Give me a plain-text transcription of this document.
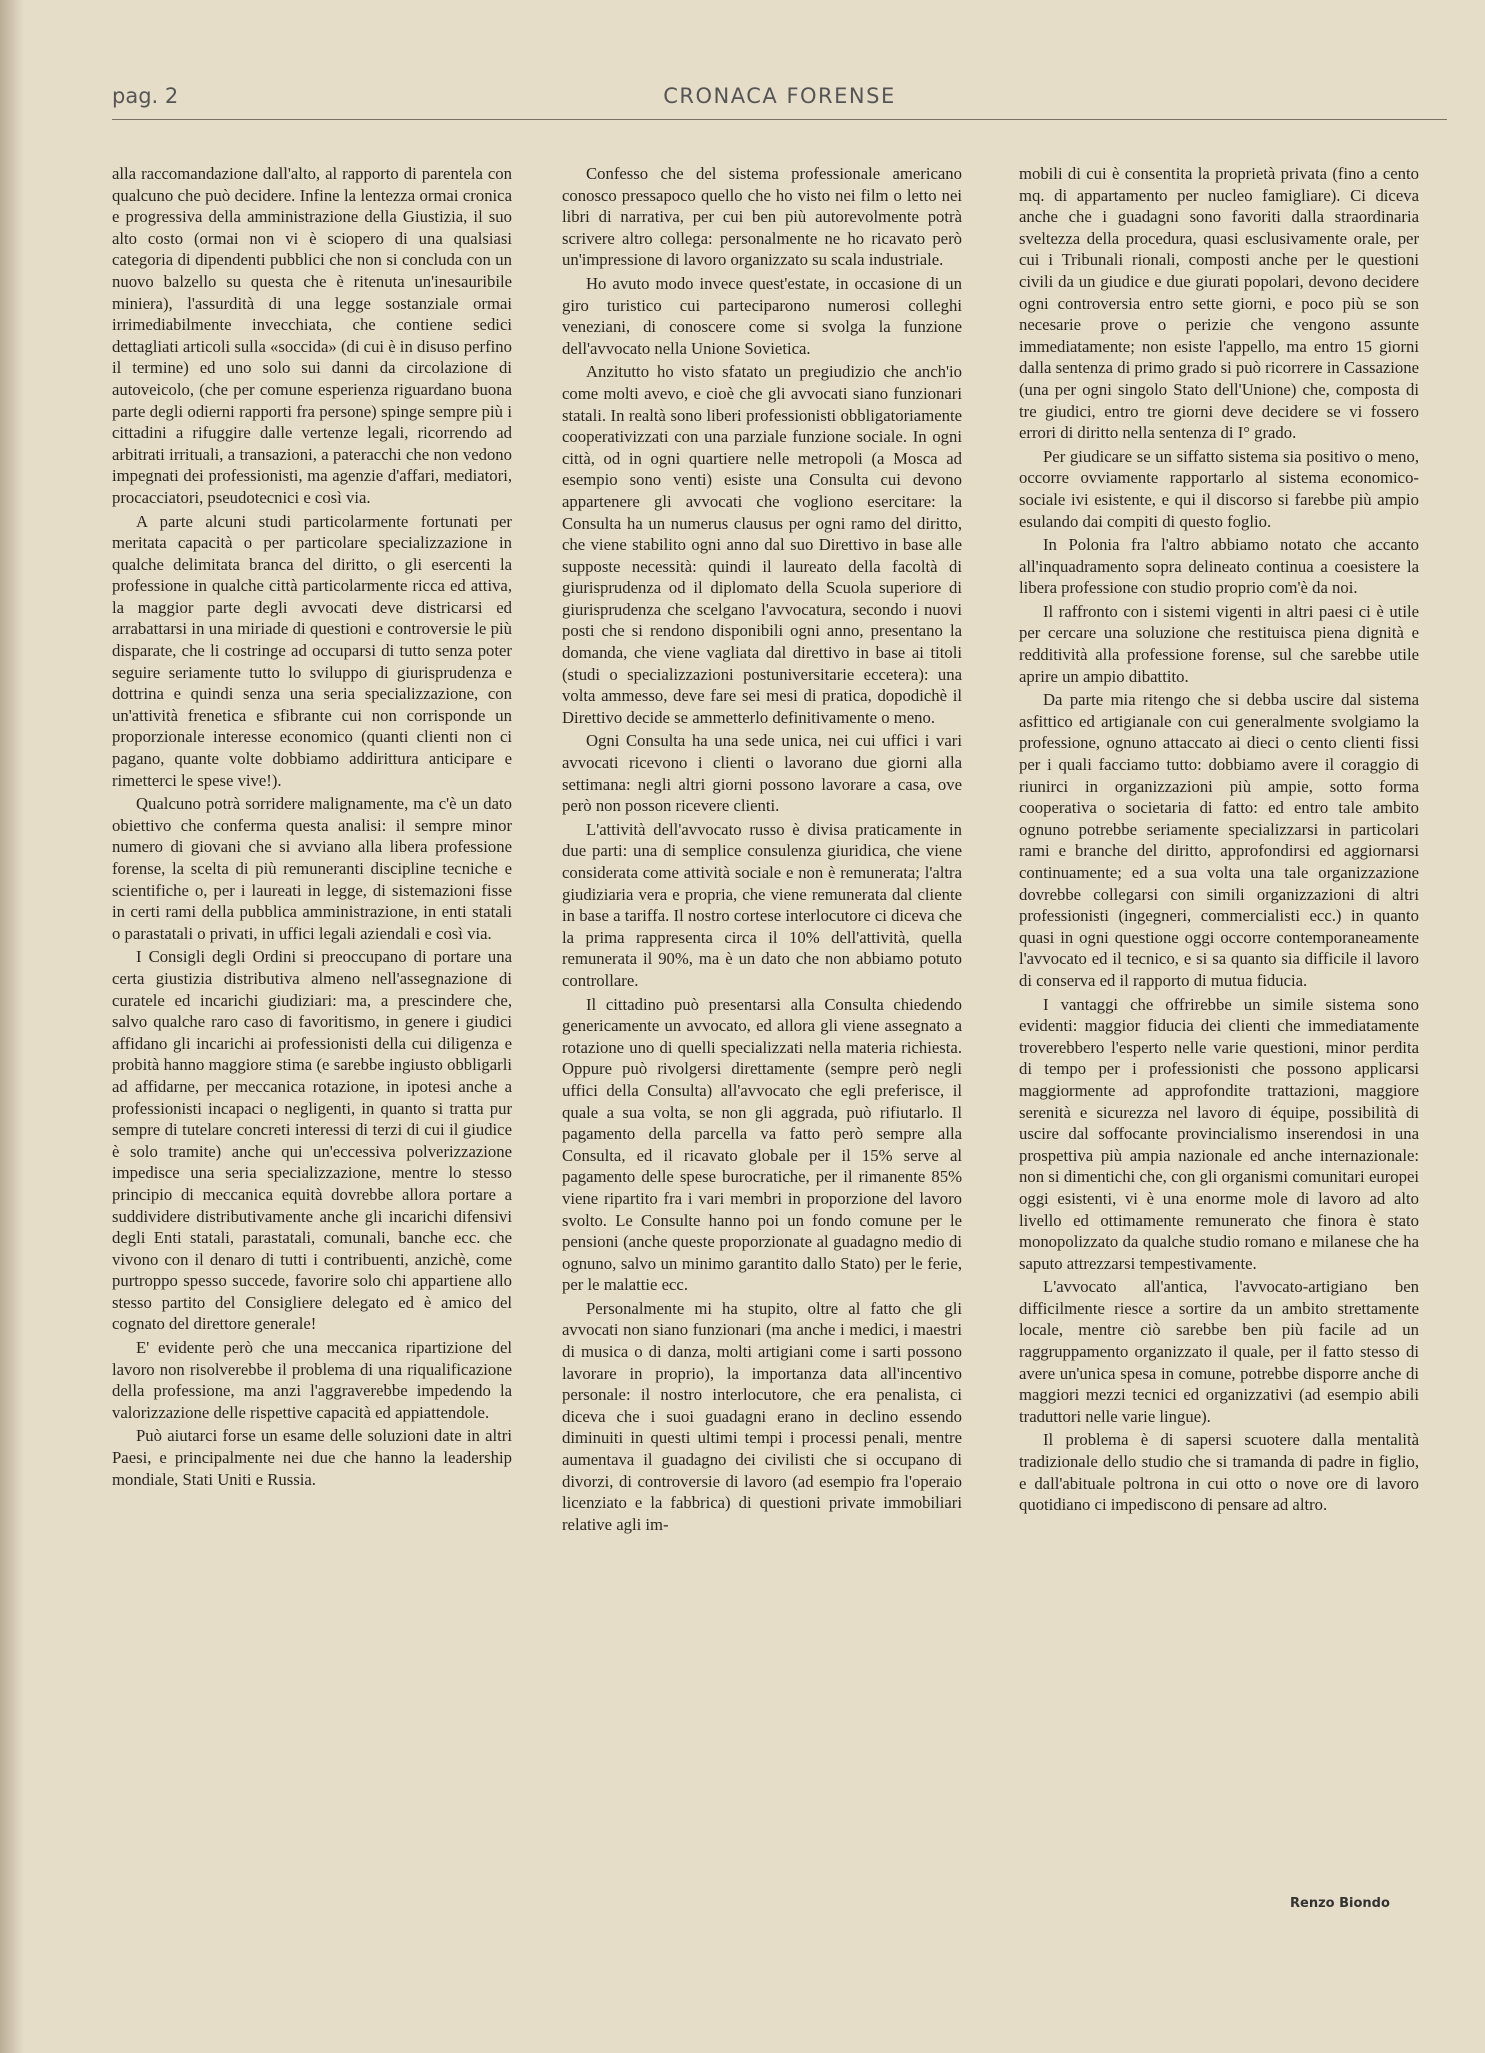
pag. 2	CRONACA FORENSE

alla raccomandazione dall'alto, al rapporto di parentela con qualcuno che può decidere. Infine la lentezza ormai cronica e progressiva della amministrazione della Giustizia, il suo alto costo (ormai non vi è sciopero di una qualsiasi categoria di dipendenti pubblici che non si concluda con un nuovo balzello su questa che è ritenuta un'inesauribile miniera), l'assurdità di una legge sostanziale ormai irrimediabilmente invecchiata, che contiene sedici dettagliati articoli sulla «soccida» (di cui è in disuso perfino il termine) ed uno solo sui danni da circolazione di autoveicolo, (che per comune esperienza riguardano buona parte degli odierni rapporti fra persone) spinge sempre più i cittadini a rifuggire dalle vertenze legali, ricorrendo ad arbitrati irrituali, a transazioni, a pateracchi che non vedono impegnati dei professionisti, ma agenzie d'affari, mediatori, procacciatori, pseudotecnici e così via.

A parte alcuni studi particolarmente fortunati per meritata capacità o per particolare specializzazione in qualche delimitata branca del diritto, o gli esercenti la professione in qualche città particolarmente ricca ed attiva, la maggior parte degli avvocati deve districarsi ed arrabattarsi in una miriade di questioni e controversie le più disparate, che li costringe ad occuparsi di tutto senza poter seguire seriamente tutto lo sviluppo di giurisprudenza e dottrina e quindi senza una seria specializzazione, con un'attività frenetica e sfibrante cui non corrisponde un proporzionale interesse economico (quanti clienti non ci pagano, quante volte dobbiamo addirittura anticipare e rimetterci le spese vive!).

Qualcuno potrà sorridere malignamente, ma c'è un dato obiettivo che conferma questa analisi: il sempre minor numero di giovani che si avviano alla libera professione forense, la scelta di più remuneranti discipline tecniche e scientifiche o, per i laureati in legge, di sistemazioni fisse in certi rami della pubblica amministrazione, in enti statali o parastatali o privati, in uffici legali aziendali e così via.

I Consigli degli Ordini si preoccupano di portare una certa giustizia distributiva almeno nell'assegnazione di curatele ed incarichi giudiziari: ma, a prescindere che, salvo qualche raro caso di favoritismo, in genere i giudici affidano gli incarichi ai professionisti della cui diligenza e probità hanno maggiore stima (e sarebbe ingiusto obbligarli ad affidarne, per meccanica rotazione, in ipotesi anche a professionisti incapaci o negligenti, in quanto si tratta pur sempre di tutelare concreti interessi di terzi di cui il giudice è solo tramite) anche qui un'eccessiva polverizzazione impedisce una seria specializzazione, mentre lo stesso principio di meccanica equità dovrebbe allora portare a suddividere distributivamente anche gli incarichi difensivi degli Enti statali, parastatali, comunali, banche ecc. che vivono con il denaro di tutti i contribuenti, anzichè, come purtroppo spesso succede, favorire solo chi appartiene allo stesso partito del Consigliere delegato ed è amico del cognato del direttore generale!

E' evidente però che una meccanica ripartizione del lavoro non risolverebbe il problema di una riqualificazione della professione, ma anzi l'aggraverebbe impedendo la valorizzazione delle rispettive capacità ed appiattendole.

Può aiutarci forse un esame delle soluzioni date in altri Paesi, e principalmente nei due che hanno la leadership mondiale, Stati Uniti e Russia.

Confesso che del sistema professionale americano conosco pressapoco quello che ho visto nei film o letto nei libri di narrativa, per cui ben più autorevolmente potrà scrivere altro collega: personalmente ne ho ricavato però un'impressione di lavoro organizzato su scala industriale.

Ho avuto modo invece quest'estate, in occasione di un giro turistico cui parteciparono numerosi colleghi veneziani, di conoscere come si svolga la funzione dell'avvocato nella Unione Sovietica.

Anzitutto ho visto sfatato un pregiudizio che anch'io come molti avevo, e cioè che gli avvocati siano funzionari statali. In realtà sono liberi professionisti obbligatoriamente cooperativizzati con una parziale funzione sociale. In ogni città, od in ogni quartiere nelle metropoli (a Mosca ad esempio sono venti) esiste una Consulta cui devono appartenere gli avvocati che vogliono esercitare: la Consulta ha un numerus clausus per ogni ramo del diritto, che viene stabilito ogni anno dal suo Direttivo in base alle supposte necessità: quindi il laureato della facoltà di giurisprudenza od il diplomato della Scuola superiore di giurisprudenza che scelgano l'avvocatura, secondo i nuovi posti che si rendono disponibili ogni anno, presentano la domanda, che viene vagliata dal direttivo in base ai titoli (studi o specializzazioni postuniversitarie eccetera): una volta ammesso, deve fare sei mesi di pratica, dopodichè il Direttivo decide se ammetterlo definitivamente o meno.

Ogni Consulta ha una sede unica, nei cui uffici i vari avvocati ricevono i clienti o lavorano due giorni alla settimana: negli altri giorni possono lavorare a casa, ove però non posson ricevere clienti.

L'attività dell'avvocato russo è divisa praticamente in due parti: una di semplice consulenza giuridica, che viene considerata come attività sociale e non è remunerata; l'altra giudiziaria vera e propria, che viene remunerata dal cliente in base a tariffa. Il nostro cortese interlocutore ci diceva che la prima rappresenta circa il 10% dell'attività, quella remunerata il 90%, ma è un dato che non abbiamo potuto controllare.

Il cittadino può presentarsi alla Consulta chiedendo genericamente un avvocato, ed allora gli viene assegnato a rotazione uno di quelli specializzati nella materia richiesta. Oppure può rivolgersi direttamente (sempre però negli uffici della Consulta) all'avvocato che egli preferisce, il quale a sua volta, se non gli aggrada, può rifiutarlo. Il pagamento della parcella va fatto però sempre alla Consulta, ed il ricavato globale per il 15% serve al pagamento delle spese burocratiche, per il rimanente 85% viene ripartito fra i vari membri in proporzione del lavoro svolto. Le Consulte hanno poi un fondo comune per le pensioni (anche queste proporzionate al guadagno medio di ognuno, salvo un minimo garantito dallo Stato) per le ferie, per le malattie ecc.

Personalmente mi ha stupito, oltre al fatto che gli avvocati non siano funzionari (ma anche i medici, i maestri di musica o di danza, molti artigiani come i sarti possono lavorare in proprio), la importanza data all'incentivo personale: il nostro interlocutore, che era penalista, ci diceva che i suoi guadagni erano in declino essendo diminuiti in questi ultimi tempi i processi penali, mentre aumentava il guadagno dei civilisti che si occupano di divorzi, di controversie di lavoro (ad esempio fra l'operaio licenziato e la fabbrica) di questioni private immobiliari relative agli im-

mobili di cui è consentita la proprietà privata (fino a cento mq. di appartamento per nucleo famigliare). Ci diceva anche che i guadagni sono favoriti dalla straordinaria sveltezza della procedura, quasi esclusivamente orale, per cui i Tribunali rionali, composti anche per le questioni civili da un giudice e due giurati popolari, devono decidere ogni controversia entro sette giorni, e poco più se son necesarie prove o perizie che vengono assunte immediatamente; non esiste l'appello, ma entro 15 giorni dalla sentenza di primo grado si può ricorrere in Cassazione (una per ogni singolo Stato dell'Unione) che, composta di tre giudici, entro tre giorni deve decidere se vi fossero errori di diritto nella sentenza di I° grado.

Per giudicare se un siffatto sistema sia positivo o meno, occorre ovviamente rapportarlo al sistema economico-sociale ivi esistente, e qui il discorso si farebbe più ampio esulando dai compiti di questo foglio.

In Polonia fra l'altro abbiamo notato che accanto all'inquadramento sopra delineato continua a coesistere la libera professione con studio proprio com'è da noi.

Il raffronto con i sistemi vigenti in altri paesi ci è utile per cercare una soluzione che restituisca piena dignità e redditività alla professione forense, sul che sarebbe utile aprire un ampio dibattito.

Da parte mia ritengo che si debba uscire dal sistema asfittico ed artigianale con cui generalmente svolgiamo la professione, ognuno attaccato ai dieci o cento clienti fissi per i quali facciamo tutto: dobbiamo avere il coraggio di riunirci in organizzazioni più ampie, sotto forma cooperativa o societaria di fatto: ed entro tale ambito ognuno potrebbe seriamente specializzarsi in particolari rami e branche del diritto, approfondirsi ed aggiornarsi continuamente; ed a sua volta una tale organizzazione dovrebbe collegarsi con simili organizzazioni di altri professionisti (ingegneri, commercialisti ecc.) in quanto quasi in ogni questione oggi occorre contemporaneamente l'avvocato ed il tecnico, e si sa quanto sia difficile il lavoro di conserva ed il rapporto di mutua fiducia.

I vantaggi che offrirebbe un simile sistema sono evidenti: maggior fiducia dei clienti che immediatamente troverebbero l'esperto nelle varie questioni, minor perdita di tempo per i professionisti che possono applicarsi maggiormente ad approfondite trattazioni, maggiore serenità e sicurezza nel lavoro di équipe, possibilità di uscire dal soffocante provincialismo inserendosi in una prospettiva più ampia nazionale ed anche internazionale: non si dimentichi che, con gli organismi comunitari europei oggi esistenti, vi è una enorme mole di lavoro ad alto livello ed ottimamente remunerato che finora è stato monopolizzato da qualche studio romano e milanese che ha saputo attrezzarsi tempestivamente.

L'avvocato all'antica, l'avvocato-artigiano ben difficilmente riesce a sortire da un ambito strettamente locale, mentre ciò sarebbe ben più facile ad un raggruppamento organizzato il quale, per il fatto stesso di avere un'unica spesa in comune, potrebbe disporre anche di maggiori mezzi tecnici ed organizzativi (ad esempio abili traduttori nelle varie lingue).

Il problema è di sapersi scuotere dalla mentalità tradizionale dello studio che si tramanda di padre in figlio, e dall'abituale poltrona in cui otto o nove ore di lavoro quotidiano ci impediscono di pensare ad altro.

Renzo Biondo
